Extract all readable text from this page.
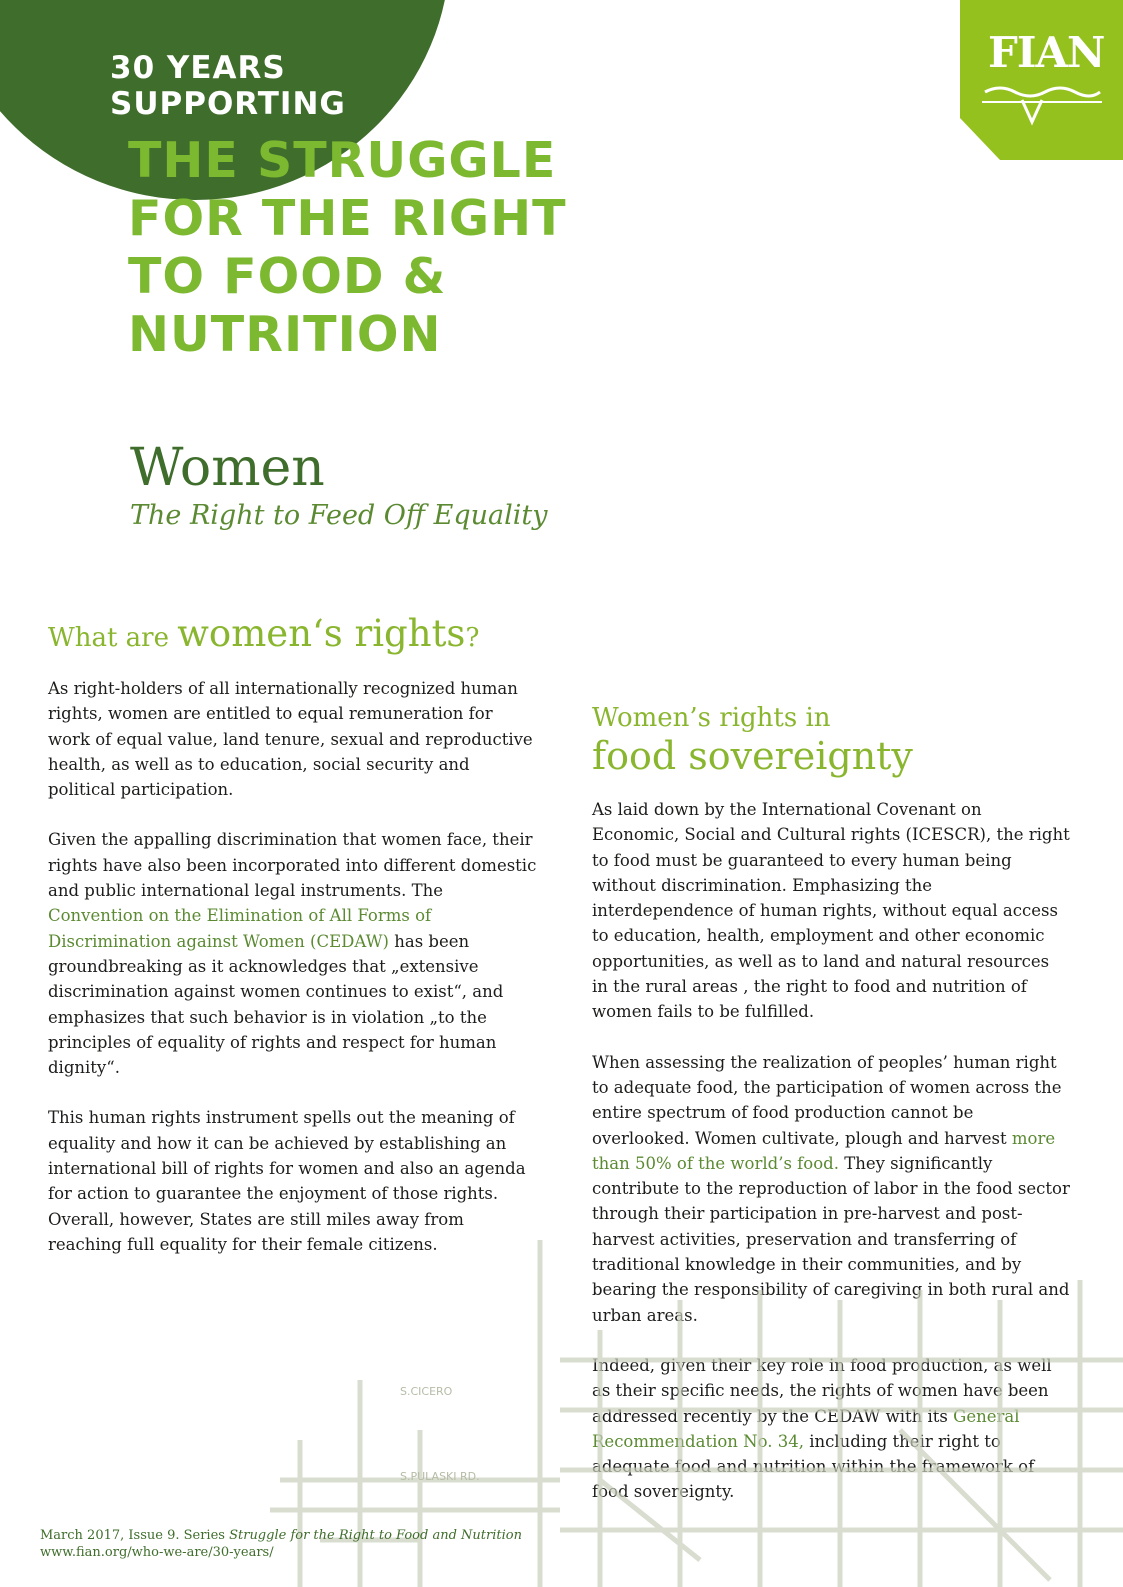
30 YEARS
SUPPORTING
THE STRUGGLE
FOR THE RIGHT
TO FOOD &
NUTRITION
FIAN
Women
The Right to Feed Off Equality
What are women‘s rights?

As right-holders of all internationally recognized human rights, women are entitled to equal remuneration for work of equal value, land tenure, sexual and reproductive health, as well as to education, social security and political participation.

Given the appalling discrimination that women face, their rights have also been incorporated into different domestic and public international legal instruments. The Convention on the Elimination of All Forms of Discrimination against Women (CEDAW) has been groundbreaking as it acknowledges that „extensive discrimination against women continues to exist“, and emphasizes that such behavior is in violation „to the principles of equality of rights and respect for human dignity“.

This human rights instrument spells out the meaning of equality and how it can be achieved by establishing an international bill of rights for women and also an agenda for action to guarantee the enjoyment of those rights. Overall, however, States are still miles away from reaching full equality for their female citizens.

Women’s rights in
food sovereignty

As laid down by the International Covenant on Economic, Social and Cultural rights (ICESCR), the right to food must be guaranteed to every human being without discrimination. Emphasizing the interdependence of human rights, without equal access to education, health, employment and other economic opportunities, as well as to land and natural resources in the rural areas , the right to food and nutrition of women fails to be fulfilled.

When assessing the realization of peoples’ human right to adequate food, the participation of women across the entire spectrum of food production cannot be overlooked. Women cultivate, plough and harvest more than 50% of the world’s food. They significantly contribute to the reproduction of labor in the food sector through their participation in pre-harvest and post-harvest activities, preservation and transferring of traditional knowledge in their communities, and by bearing the responsibility of caregiving in both rural and urban areas.

Indeed, given their key role in food production, as well as their specific needs, the rights of women have been addressed recently by the CEDAW with its General Recommendation No. 34, including their right to adequate food and nutrition within the framework of food sovereignty.

S.CICERO
S.PULASKI RD.
March 2017, Issue 9. Series Struggle for the Right to Food and Nutrition
www.fian.org/who-we-are/30-years/
